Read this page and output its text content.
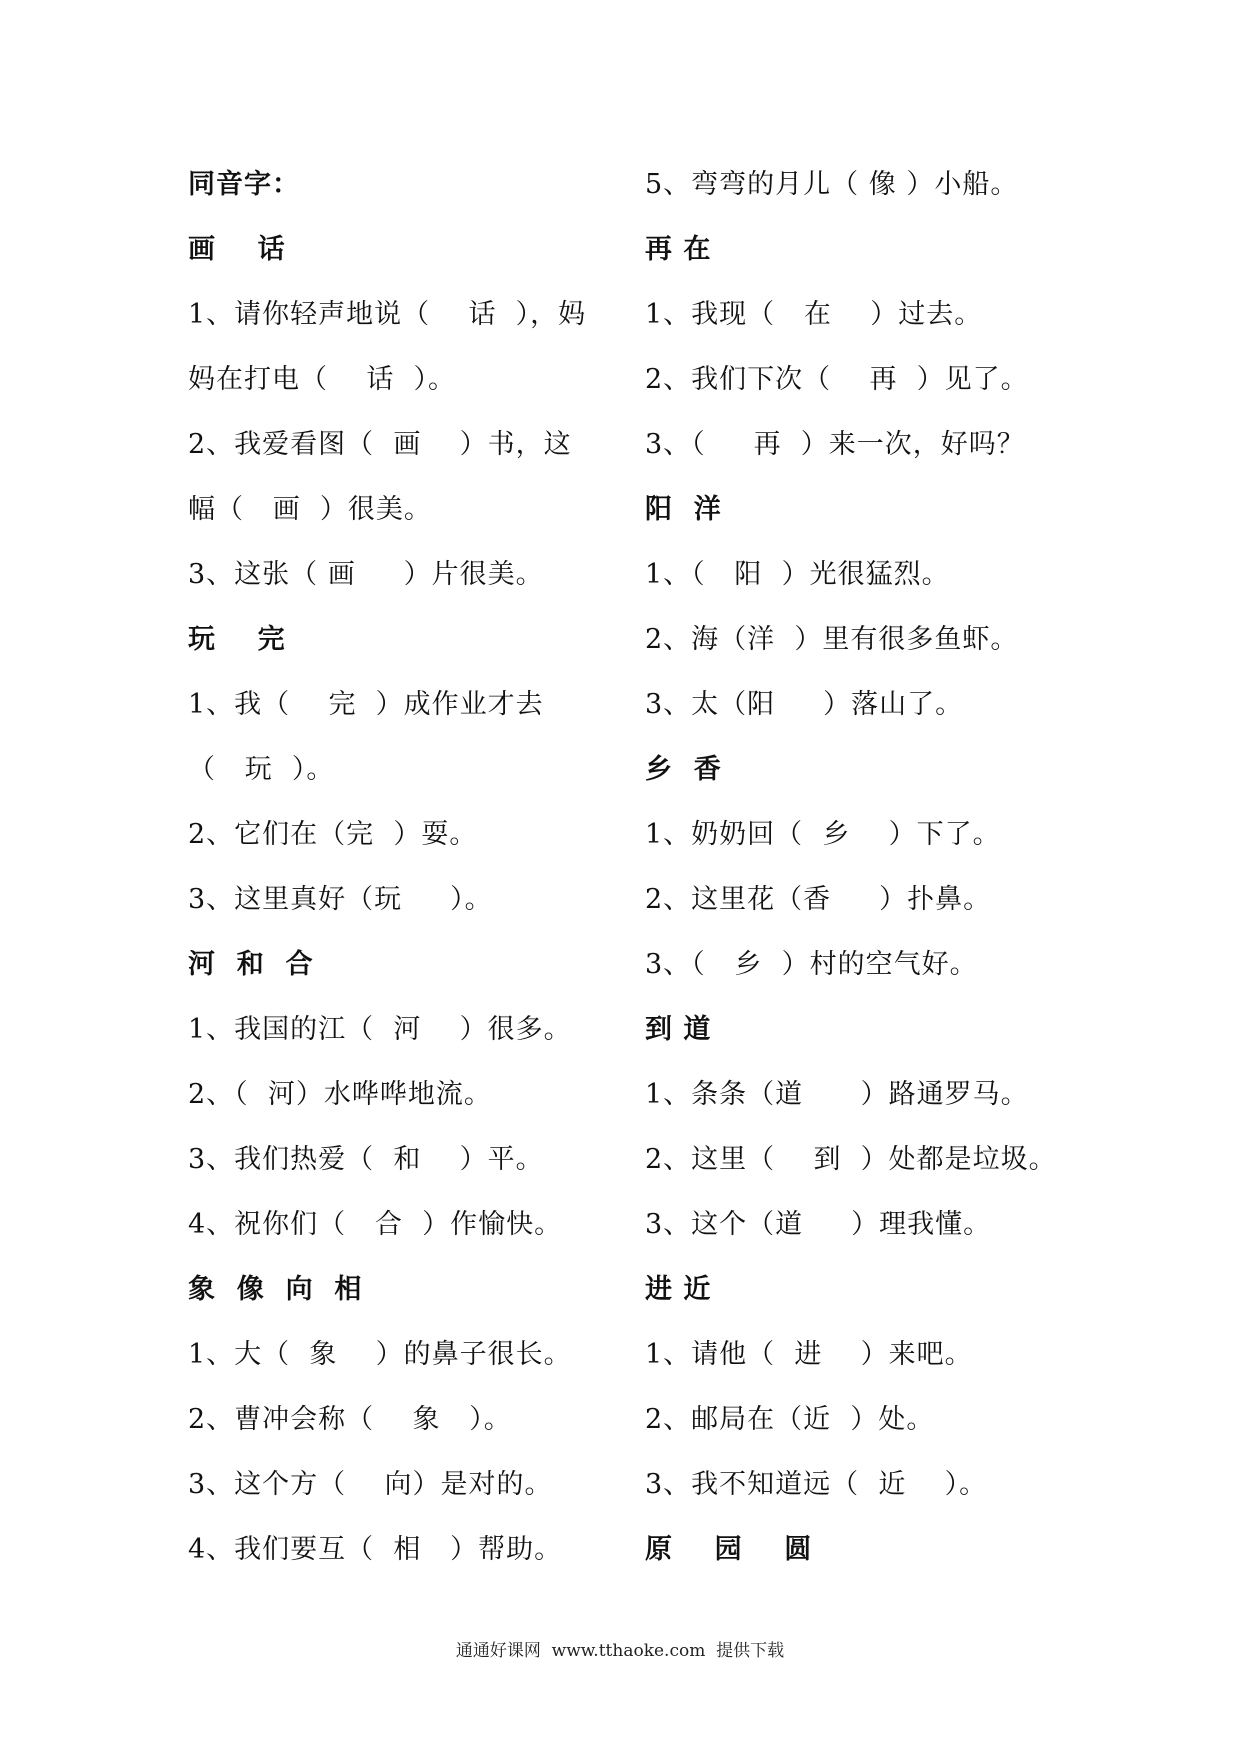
同音字：
画    话
1、请你轻声地说（    话  ），妈
妈在打电（    话  ）。
2、我爱看图（  画    ）书，这
幅（   画  ）很美。
3、这张（ 画     ）片很美。
玩    完
1、我（    完  ）成作业才去
（   玩  ）。
2、它们在（完  ）耍。
3、这里真好（玩     ）。
河  和  合
1、我国的江（  河    ）很多。
2、（  河）水哗哗地流。
3、我们热爱（  和    ）平。
4、祝你们（   合  ）作愉快。
象  像  向  相
1、大（  象    ）的鼻子很长。
2、曹冲会称（    象   ）。
3、这个方（    向）是对的。
4、我们要互（  相   ）帮助。
5、弯弯的月儿（ 像 ）小船。
再 在
1、我现（   在    ）过去。
2、我们下次（    再  ）见了。
3、（     再  ）来一次，好吗？
阳  洋
1、（   阳  ）光很猛烈。
2、海（洋  ）里有很多鱼虾。
3、太（阳     ）落山了。
乡  香
1、奶奶回（  乡    ）下了。
2、这里花（香     ）扑鼻。
3、（   乡  ）村的空气好。
到 道
1、条条（道      ）路通罗马。
2、这里（    到  ）处都是垃圾。
3、这个（道     ）理我懂。
进 近
1、请他（  进    ）来吧。
2、邮局在（近  ）处。
3、我不知道远（  近    ）。
原    园    圆
通通好课网  www.tthaoke.com  提供下载
